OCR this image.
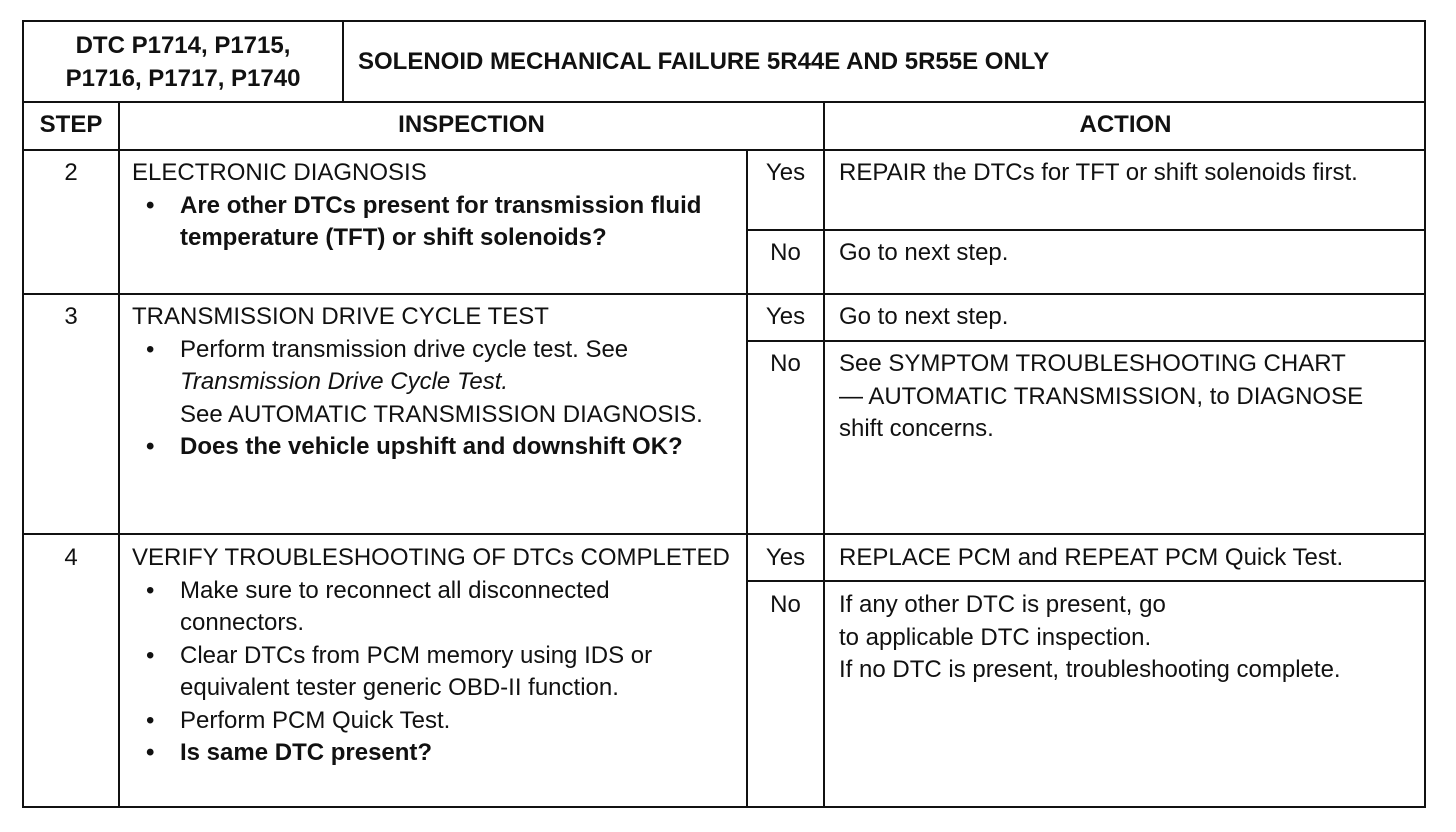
DTC P1714, P1715,
P1716, P1717, P1740
SOLENOID MECHANICAL FAILURE 5R44E AND 5R55E ONLY
STEP	INSPECTION	ACTION
2	ELECTRONIC DIAGNOSIS
• Are other DTCs present for transmission fluid temperature (TFT) or shift solenoids?
Yes	REPAIR the DTCs for TFT or shift solenoids first.
No	Go to next step.
3	TRANSMISSION DRIVE CYCLE TEST
• Perform transmission drive cycle test. See
Transmission Drive Cycle Test.
See AUTOMATIC TRANSMISSION DIAGNOSIS.
• Does the vehicle upshift and downshift OK?
Yes	Go to next step.
No	See SYMPTOM TROUBLESHOOTING CHART — AUTOMATIC TRANSMISSION, to DIAGNOSE shift concerns.
4	VERIFY TROUBLESHOOTING OF DTCs COMPLETED
• Make sure to reconnect all disconnected connectors.
• Clear DTCs from PCM memory using IDS or equivalent tester generic OBD-II function.
• Perform PCM Quick Test.
• Is same DTC present?
Yes	REPLACE PCM and REPEAT PCM Quick Test.
No	If any other DTC is present, go to applicable DTC inspection.
If no DTC is present, troubleshooting complete.
